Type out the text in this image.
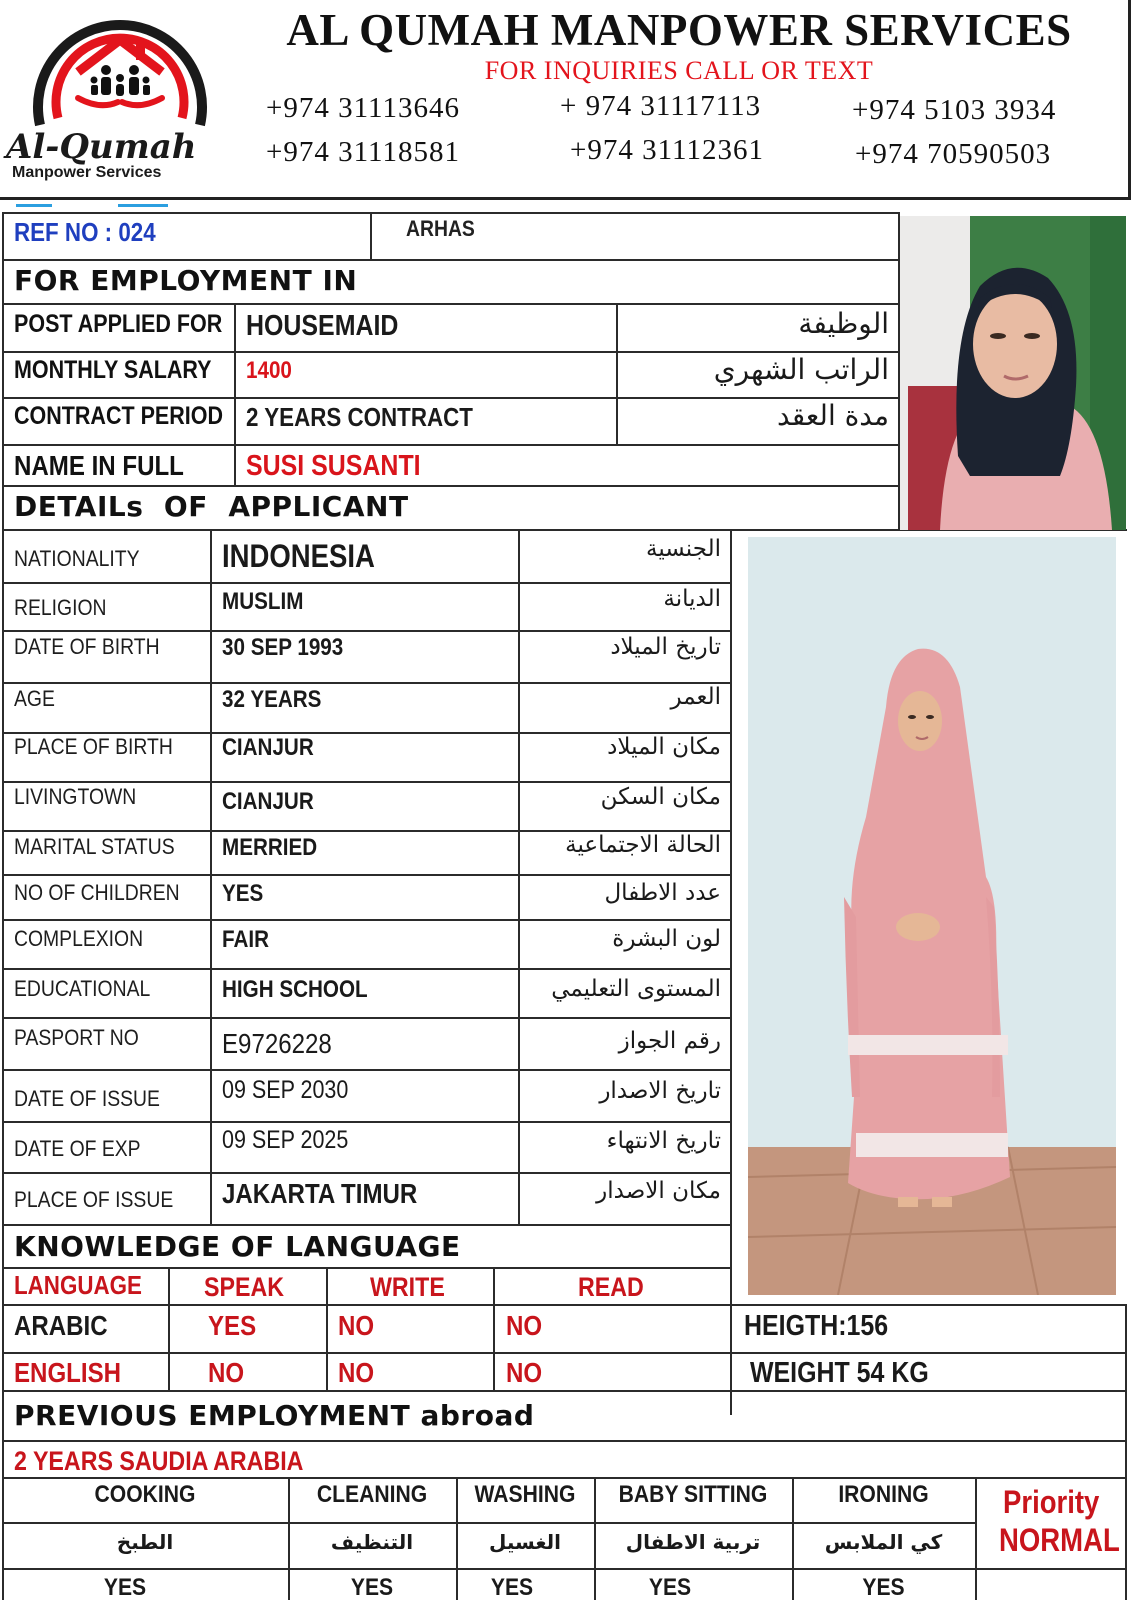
Al-Qumah
Manpower Services
AL QUMAH MANPOWER SERVICES
FOR INQUIRIES CALL OR TEXT
+974 31113646	+ 974 31117113	+974 5103 3934
+974 31118581	+974 31112361	+974 70590503
REF NO : 024	ARHAS
FOR EMPLOYMENT IN
POST APPLIED FOR HOUSEMAID	الوظيفة
MONTHLY SALARY 1400	الراتب الشهري
CONTRACT PERIOD 2 YEARS CONTRACT	مدة العقد
NAME IN FULL SUSI SUSANTI
DETAILs  OF  APPLICANT
NATIONALITY	INDONESIA	الجنسية
RELIGION	MUSLIM	الديانة
DATE OF BIRTH	30 SEP 1993	تاريخ الميلاد
AGE	32 YEARS	العمر
PLACE OF BIRTH CIANJUR	مكان الميلاد
LIVINGTOWN	CIANJUR	مكان السكن
MARITAL STATUS MERRIED	الحالة الاجتماعية
NO OF CHILDREN YES	عدد الاطفال
COMPLEXION	FAIR	لون البشرة
EDUCATIONAL	HIGH SCHOOL	المستوى التعليمي
PASPORT NO	E9726228	رقم الجواز
DATE OF ISSUE 09 SEP 2030	تاريخ الاصدار
DATE OF EXP	09 SEP 2025	تاريخ الانتهاء
PLACE OF ISSUE JAKARTA TIMUR	مكان الاصدار
KNOWLEDGE OF LANGUAGE
LANGUAGE SPEAK	WRITE	READ
ARABIC	YES	NO	NO
ENGLISH	NO	NO	NO
HEIGTH:156
WEIGHT 54 KG
PREVIOUS EMPLOYMENT abroad
2 YEARS SAUDIA ARABIA
COOKING	CLEANING	WASHING	BABY SITTING	IRONING
الطبخ	التنظيف	الغسيل	تربية الاطفال	كي الملابس
YES	YES	YES	YES	YES
Priority
NORMAL
